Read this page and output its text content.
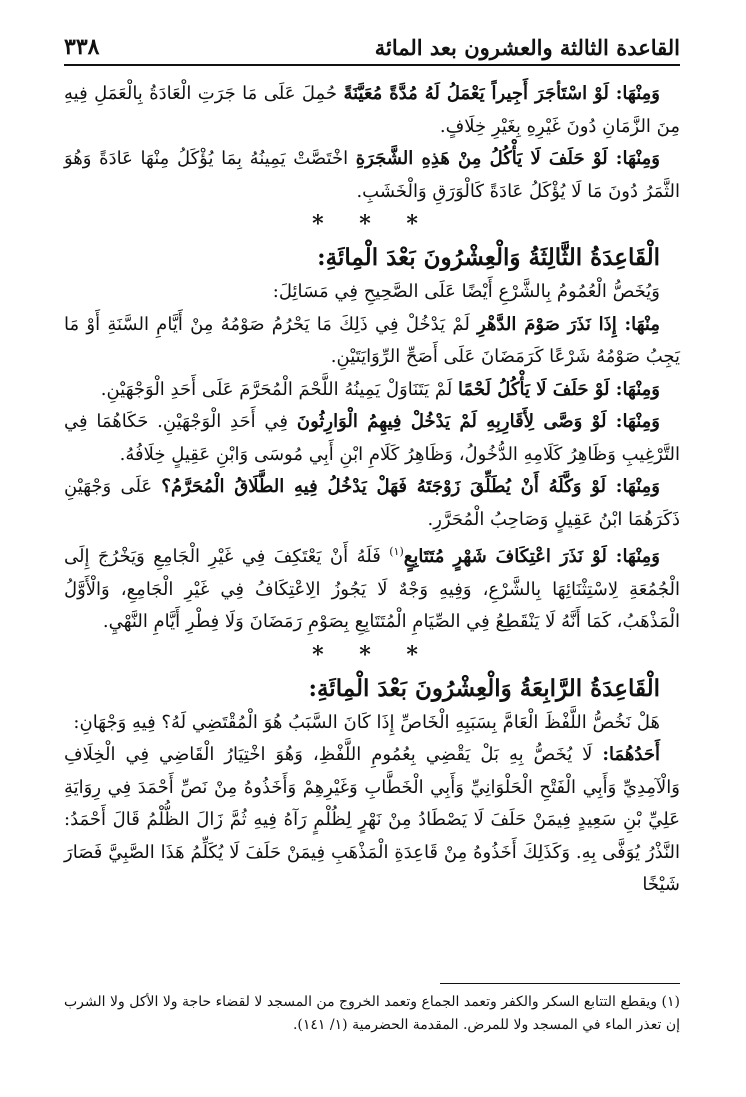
القاعدة الثالثة والعشرون بعد المائة
٣٣٨

وَمِنْهَا: لَوْ اسْتَأجَرَ أَجِيراً يَعْمَلُ لَهُ مُدَّةً مُعَيَّنَةً حُمِلَ عَلَى مَا جَرَتِ الْعَادَةُ بِالْعَمَلِ فِيهِ مِنَ الزَّمَانِ دُونَ غَيْرِهِ بِغَيْرِ خِلَافٍ.

وَمِنْهَا: لَوْ حَلَفَ لَا يَأْكُلُ مِنْ هَذِهِ الشَّجَرَةِ اخْتَصَّتْ يَمِينُهُ بِمَا يُؤْكَلُ مِنْهَا عَادَةً وَهُوَ الثَّمَرُ دُونَ مَا لَا يُؤْكَلُ عَادَةً كَالْوَرَقِ وَالْخَشَبِ.

* * *
الْقَاعِدَةُ الثَّالِثَةُ وَالْعِشْرُونَ بَعْدَ الْمِائَةِ:

وَيُخَصُّ الْعُمُومُ بِالشَّرْعِ أَيْضًا عَلَى الصَّحِيحِ فِي مَسَائِلَ:

مِنْهَا: إِذَا نَذَرَ صَوْمَ الدَّهْرِ لَمْ يَدْخُلْ فِي ذَلِكَ مَا يَحْرُمُ صَوْمُهُ مِنْ أَيَّامِ السَّنَةِ أَوْ مَا يَجِبُ صَوْمُهُ شَرْعًا كَرَمَضَانَ عَلَى أَصَحِّ الرِّوَايَتَيْنِ.

وَمِنْهَا: لَوْ حَلَفَ لَا يَأْكُلُ لَحْمًا لَمْ يَتَنَاوَلْ يَمِينُهُ اللَّحْمَ الْمُحَرَّمَ عَلَى أَحَدِ الْوَجْهَيْنِ.

وَمِنْهَا: لَوْ وَصَّى لِأَقَارِبِهِ لَمْ يَدْخُلْ فِيهِمُ الْوَارِثُونَ فِي أَحَدِ الْوَجْهَيْنِ. حَكَاهُمَا فِي التَّرْغِيبِ وَظَاهِرُ كَلَامِهِ الدُّخُولُ، وَظَاهِرُ كَلَامِ ابْنِ أَبِي مُوسَى وَابْنِ عَقِيلٍ خِلَافُهُ.

وَمِنْهَا: لَوْ وَكَّلَهُ أَنْ يُطَلِّقَ زَوْجَتَهُ فَهَلْ يَدْخُلُ فِيهِ الطَّلَاقُ الْمُحَرَّمُ؟ عَلَى وَجْهَيْنِ ذَكَرَهُمَا ابْنُ عَقِيلٍ وَصَاحِبُ الْمُحَرَّرِ.

وَمِنْهَا: لَوْ نَذَرَ اعْتِكَافَ شَهْرٍ مُتَتَابِعٍ$^{(١)}$ فَلَهُ أَنْ يَعْتَكِفَ فِي غَيْرِ الْجَامِعِ وَيَخْرُجَ إِلَى الْجُمُعَةِ لِاسْتِثْنَائِهَا بِالشَّرْعِ، وَفِيهِ وَجْهٌ لَا يَجُوزُ الِاعْتِكَافُ فِي غَيْرِ الْجَامِعِ، وَالْأَوَّلُ الْمَذْهَبُ، كَمَا أَنَّهُ لَا يَنْقَطِعُ فِي الصِّيَامِ الْمُتَتَابِعِ بِصَوْمِ رَمَضَانَ وَلَا فِطْرِ أَيَّامِ النَّهْيِ.

* * *
الْقَاعِدَةُ الرَّابِعَةُ وَالْعِشْرُونَ بَعْدَ الْمِائَةِ:

هَلْ نَخُصُّ اللَّفْظَ الْعَامَّ بِسَبَبِهِ الْخَاصِّ إِذَا كَانَ السَّبَبُ هُوَ الْمُقْتَضِي لَهُ؟ فِيهِ وَجْهَانِ:

أَحَدُهُمَا: لَا يُخَصُّ بِهِ بَلْ يَقْضِي بِعُمُومِ اللَّفْظِ، وَهُوَ اخْتِيَارُ الْقَاضِي فِي الْخِلَافِ وَالْآمِدِيِّ وَأَبِي الْفَتْحِ الْحَلْوَانِيِّ وَأَبِي الْخَطَّابِ وَغَيْرِهِمْ وَأَخَذُوهُ مِنْ نَصِّ أَحْمَدَ فِي رِوَايَةِ عَلِيِّ بْنِ سَعِيدٍ فِيمَنْ حَلَفَ لَا يَصْطَادُ مِنْ نَهْرٍ لِظُلْمٍ رَآهُ فِيهِ ثُمَّ زَالَ الظُّلْمُ قَالَ أَحْمَدُ: النَّذْرُ يُوَفَّى بِهِ. وَكَذَلِكَ أَخَذُوهُ مِنْ قَاعِدَةِ الْمَذْهَبِ فِيمَنْ حَلَفَ لَا يُكَلِّمُ هَذَا الصَّبِيَّ فَصَارَ شَيْخًا

(١) ويقطع التتابع السكر والكفر وتعمد الجماع وتعمد الخروج من المسجد لا لقضاء حاجة ولا الأكل ولا الشرب إن تعذر الماء في المسجد ولا للمرض. المقدمة الحضرمية (١/ ١٤١).
